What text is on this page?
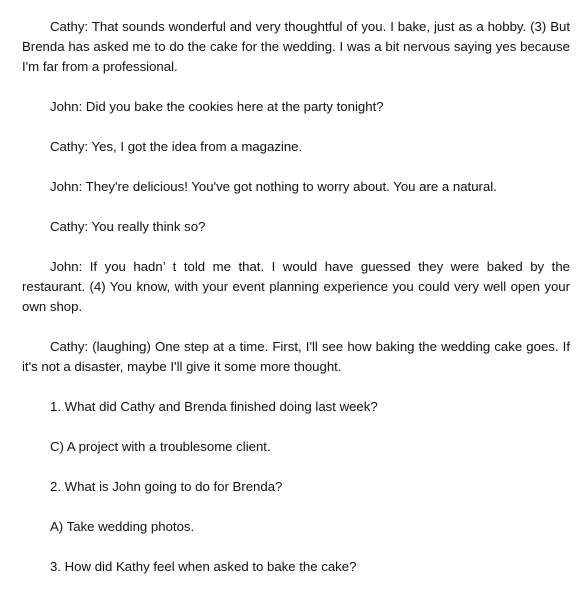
Cathy: That sounds wonderful and very thoughtful of you. I bake, just as a hobby. (3) But Brenda has asked me to do the cake for the wedding. I was a bit nervous saying yes because I'm far from a professional.

John: Did you bake the cookies here at the party tonight?

Cathy: Yes, I got the idea from a magazine.

John: They're delicious! You've got nothing to worry about. You are a natural.

Cathy: You really think so?

John: If you hadn’ t told me that. I would have guessed they were baked by the restaurant. (4) You know, with your event planning experience you could very well open your own shop.

Cathy: (laughing) One step at a time. First, I'll see how baking the wedding cake goes. If it's not a disaster, maybe I'll give it some more thought.

1. What did Cathy and Brenda finished doing last week?

C) A project with a troublesome client.

2. What is John going to do for Brenda?

A) Take wedding photos.

3. How did Kathy feel when asked to bake the cake?
